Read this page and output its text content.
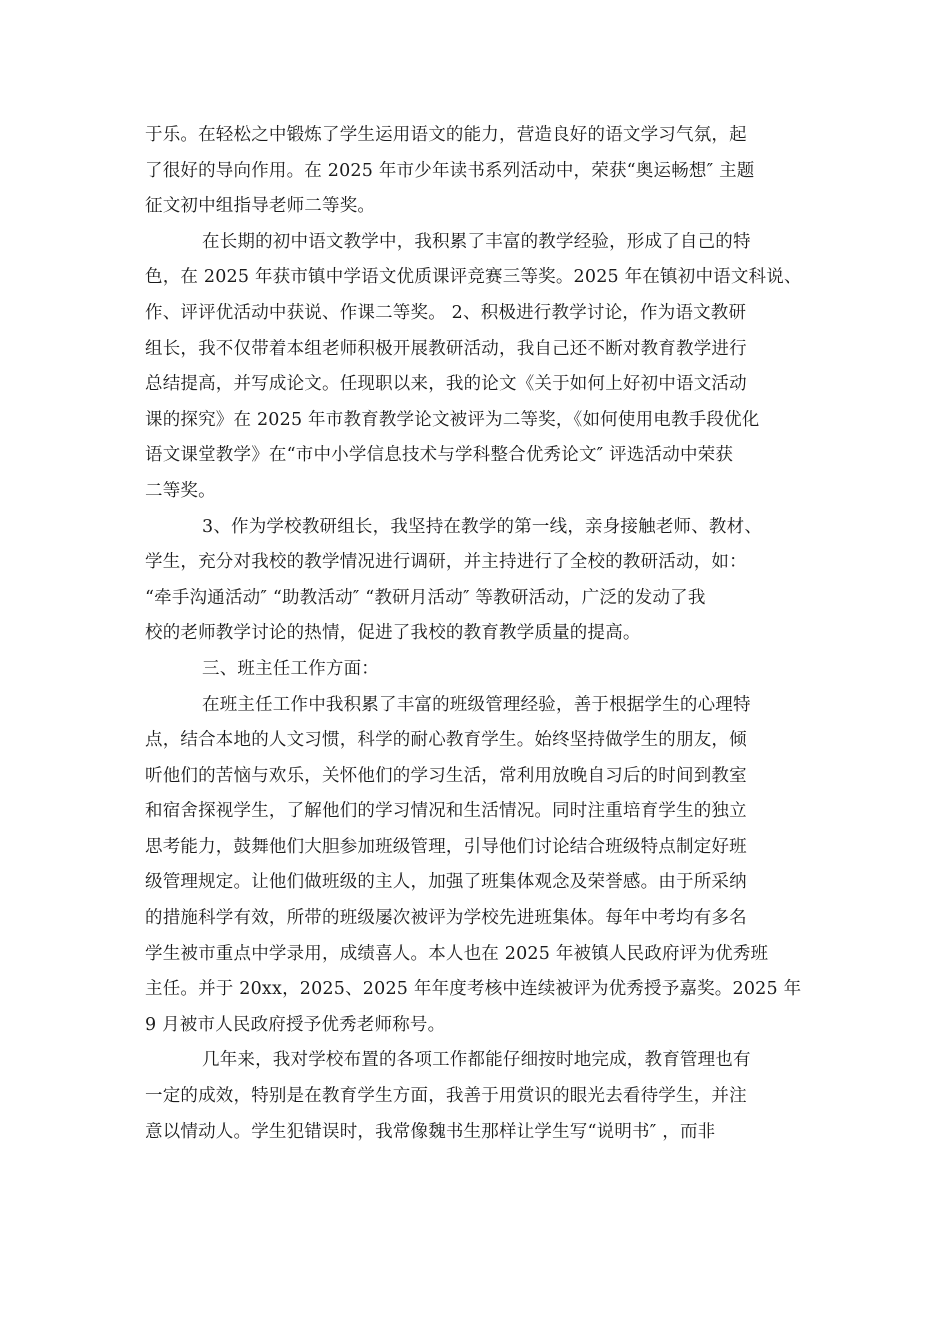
于乐。在轻松之中锻炼了学生运用语文的能力，营造良好的语文学习气氛，起
了很好的导向作用。在 2025 年市少年读书系列活动中，荣获“奥运畅想″ 主题
征文初中组指导老师二等奖。
在长期的初中语文教学中，我积累了丰富的教学经验，形成了自己的特
色，在 2025 年获市镇中学语文优质课评竞赛三等奖。2025 年在镇初中语文科说、
作、评评优活动中获说、作课二等奖。 2、积极进行教学讨论，作为语文教研
组长，我不仅带着本组老师积极开展教研活动，我自己还不断对教育教学进行
总结提高，并写成论文。任现职以来，我的论文《关于如何上好初中语文活动
课的探究》在 2025 年市教育教学论文被评为二等奖，《如何使用电教手段优化
语文课堂教学》在“市中小学信息技术与学科整合优秀论文″ 评选活动中荣获
二等奖。
3、作为学校教研组长，我坚持在教学的第一线，亲身接触老师、教材、
学生，充分对我校的教学情况进行调研，并主持进行了全校的教研活动，如：
“牵手沟通活动″ “助教活动″ “教研月活动″ 等教研活动，广泛的发动了我
校的老师教学讨论的热情，促进了我校的教育教学质量的提高。
三、班主任工作方面：
在班主任工作中我积累了丰富的班级管理经验，善于根据学生的心理特
点，结合本地的人文习惯，科学的耐心教育学生。始终坚持做学生的朋友，倾
听他们的苦恼与欢乐，关怀他们的学习生活，常利用放晚自习后的时间到教室
和宿舍探视学生，了解他们的学习情况和生活情况。同时注重培育学生的独立
思考能力，鼓舞他们大胆参加班级管理，引导他们讨论结合班级特点制定好班
级管理规定。让他们做班级的主人，加强了班集体观念及荣誉感。由于所采纳
的措施科学有效，所带的班级屡次被评为学校先进班集体。每年中考均有多名
学生被市重点中学录用，成绩喜人。本人也在 2025 年被镇人民政府评为优秀班
主任。并于 20xx，2025、2025 年年度考核中连续被评为优秀授予嘉奖。2025 年
9 月被市人民政府授予优秀老师称号。
几年来，我对学校布置的各项工作都能仔细按时地完成，教育管理也有
一定的成效，特别是在教育学生方面，我善于用赏识的眼光去看待学生，并注
意以情动人。学生犯错误时，我常像魏书生那样让学生写“说明书″ ，而非
